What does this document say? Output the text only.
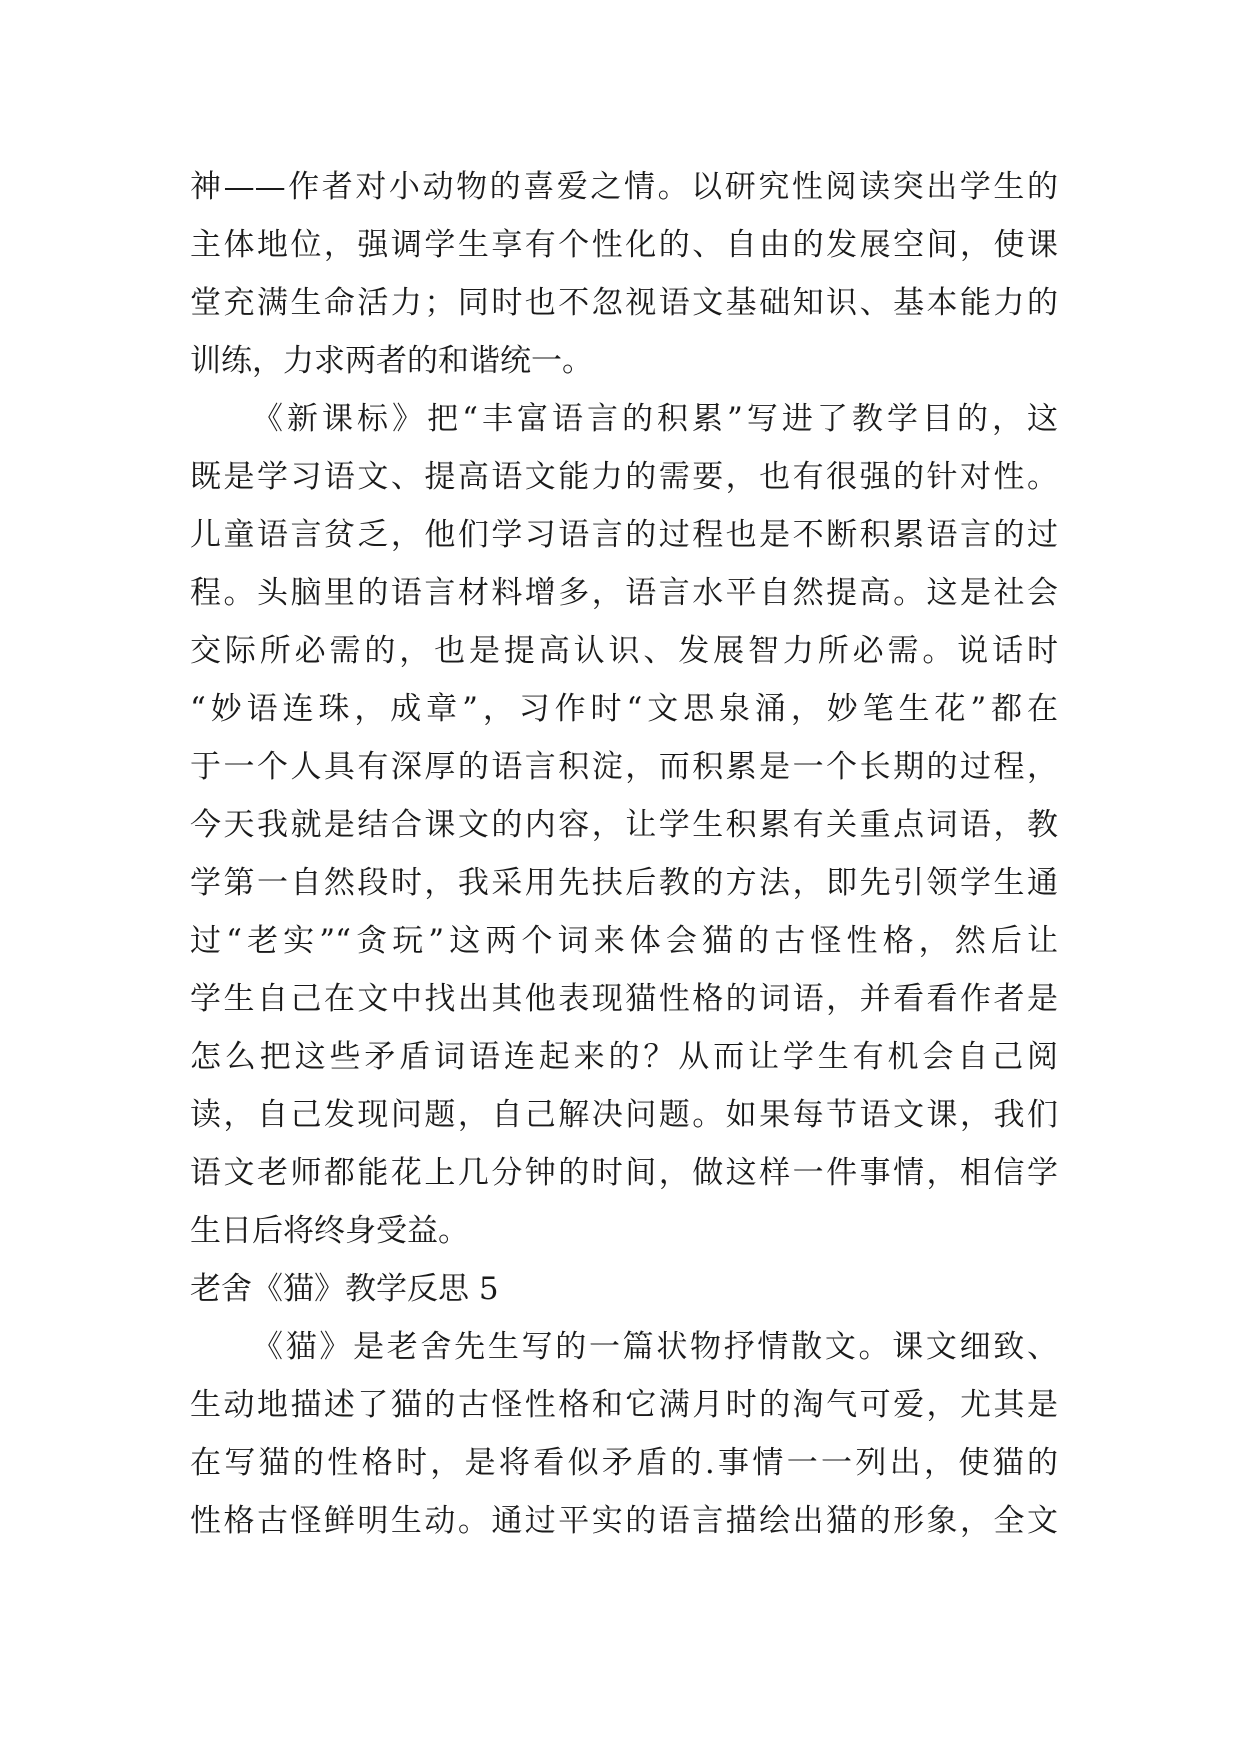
神——作者对小动物的喜爱之情。以研究性阅读突出学生的
主体地位，强调学生享有个性化的、自由的发展空间，使课
堂充满生命活力；同时也不忽视语文基础知识、基本能力的
训练，力求两者的和谐统一。
《新课标》把“丰富语言的积累”写进了教学目的，这
既是学习语文、提高语文能力的需要，也有很强的针对性。
儿童语言贫乏，他们学习语言的过程也是不断积累语言的过
程。头脑里的语言材料增多，语言水平自然提高。这是社会
交际所必需的，也是提高认识、发展智力所必需。说话时
“妙语连珠，成章”，习作时“文思泉涌，妙笔生花”都在
于一个人具有深厚的语言积淀，而积累是一个长期的过程，
今天我就是结合课文的内容，让学生积累有关重点词语，教
学第一自然段时，我采用先扶后教的方法，即先引领学生通
过“老实”“贪玩”这两个词来体会猫的古怪性格，然后让
学生自己在文中找出其他表现猫性格的词语，并看看作者是
怎么把这些矛盾词语连起来的？从而让学生有机会自己阅
读，自己发现问题，自己解决问题。如果每节语文课，我们
语文老师都能花上几分钟的时间，做这样一件事情，相信学
生日后将终身受益。
老舍《猫》教学反思 5
《猫》是老舍先生写的一篇状物抒情散文。课文细致、
生动地描述了猫的古怪性格和它满月时的淘气可爱，尤其是
在写猫的性格时，是将看似矛盾的.事情一一列出，使猫的
性格古怪鲜明生动。通过平实的语言描绘出猫的形象，全文
